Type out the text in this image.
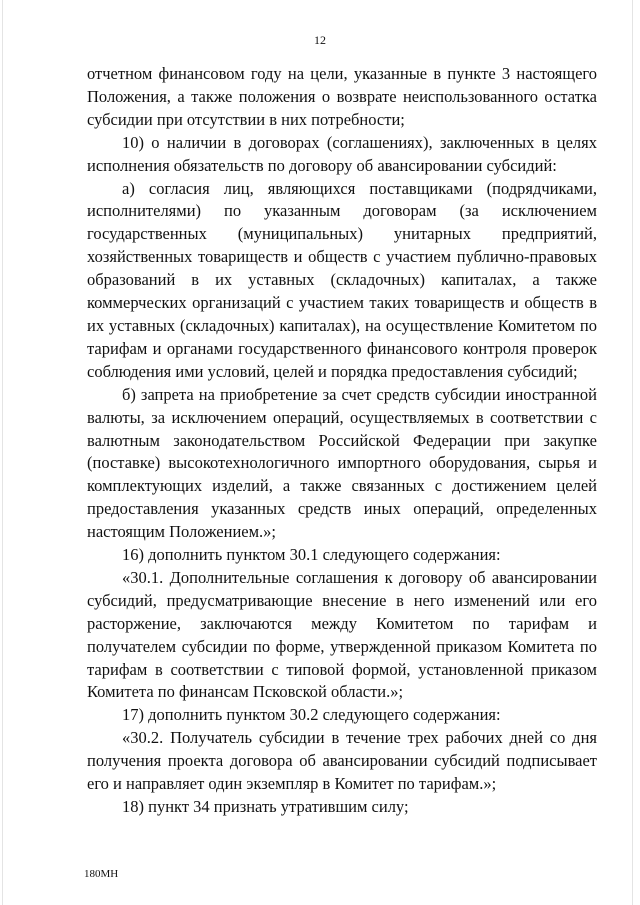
12

отчетном финансовом году на цели, указанные в пункте 3 настоящего Положения, а также положения о возврате неиспользованного остатка субсидии при отсутствии в них потребности;

10) о наличии в договорах (соглашениях), заключенных в целях исполнения обязательств по договору об авансировании субсидий:

а) согласия лиц, являющихся поставщиками (подрядчиками, исполнителями) по указанным договорам (за исключением государственных (муниципальных) унитарных предприятий, хозяйственных товариществ и обществ с участием публично-правовых образований в их уставных (складочных) капиталах, а также коммерческих организаций с участием таких товариществ и обществ в их уставных (складочных) капиталах), на осуществление Комитетом по тарифам и органами государственного финансового контроля проверок соблюдения ими условий, целей и порядка предоставления субсидий;

б) запрета на приобретение за счет средств субсидии иностранной валюты, за исключением операций, осуществляемых в соответствии с валютным законодательством Российской Федерации при закупке (поставке) высокотехнологичного импортного оборудования, сырья и комплектующих изделий, а также связанных с достижением целей предоставления указанных средств иных операций, определенных настоящим Положением.»;

16) дополнить пунктом 30.1 следующего содержания:

«30.1. Дополнительные соглашения к договору об авансировании субсидий, предусматривающие внесение в него изменений или его расторжение, заключаются между Комитетом по тарифам и получателем субсидии по форме, утвержденной приказом Комитета по тарифам в соответствии с типовой формой, установленной приказом Комитета по финансам Псковской области.»;

17) дополнить пунктом 30.2 следующего содержания:

«30.2. Получатель субсидии в течение трех рабочих дней со дня получения проекта договора об авансировании субсидий подписывает его и направляет один экземпляр в Комитет по тарифам.»;

18) пункт 34 признать утратившим силу;

180МН
